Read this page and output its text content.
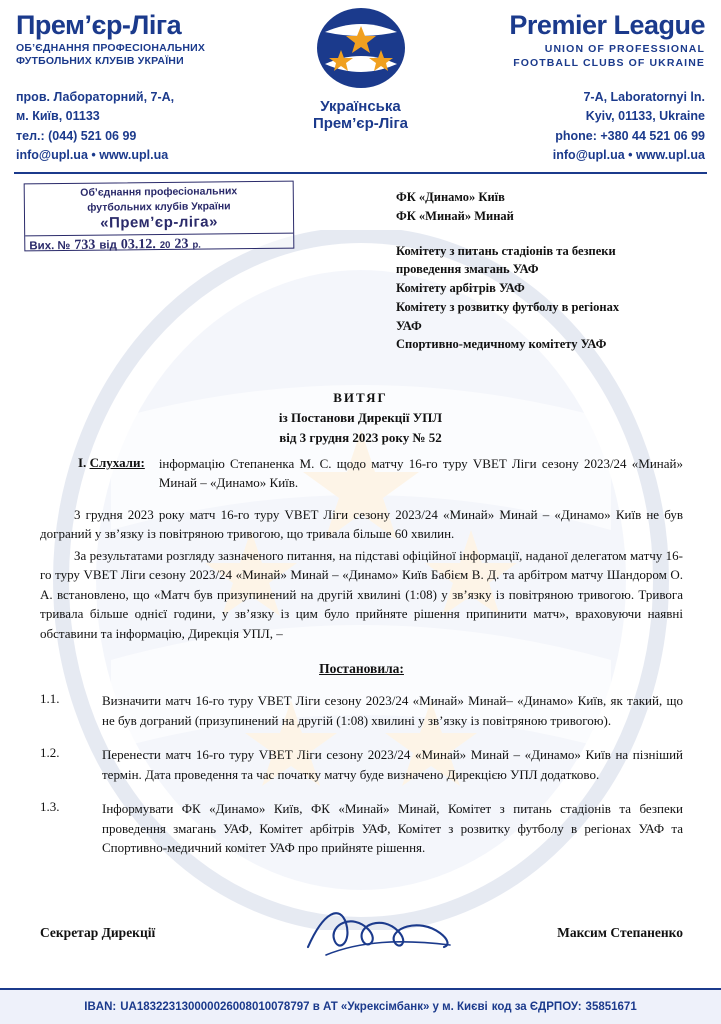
Прем’єр-Ліга
ОБ’ЄДНАННЯ ПРОФЕСІОНАЛЬНИХ
ФУТБОЛЬНИХ КЛУБІВ УКРАЇНИ
Premier League
UNION OF PROFESSIONAL
FOOTBALL CLUBS OF UKRAINE
Українська
Прем’єр-Ліга
пров. Лабораторний, 7-А,
м. Київ, 01133
тел.: (044) 521 06 99
info@upl.ua • www.upl.ua
7-A, Laboratornyi ln.
Kyiv, 01133, Ukraine
phone: +380 44 521 06 99
info@upl.ua • www.upl.ua
Об’єднання професіональних
футбольних клубів України
«Прем’єр-ліга»
Вих. № 733 від 03.12. 20 23 р.
ФК «Динамо» Київ
ФК «Минай» Минай
Комітету з питань стадіонів та безпеки
проведення змагань УАФ
Комітету арбітрів УАФ
Комітету з розвитку футболу в регіонах
УАФ
Спортивно-медичному комітету УАФ
ВИТЯГ
із Постанови Дирекції УПЛ
від 3 грудня 2023 року № 52
I. Слухали:	інформацію Степаненка М. С. щодо матчу 16-го туру VBET Ліги сезону 2023/24 «Минай» Минай – «Динамо» Київ.

3 грудня 2023 року матч 16-го туру VBET Ліги сезону 2023/24 «Минай» Минай – «Динамо» Київ не був дограний у зв’язку із повітряною тривогою, що тривала більше 60 хвилин.

За результатами розгляду зазначеного питання, на підставі офіційної інформації, наданої делегатом матчу 16-го туру VBET Ліги сезону 2023/24 «Минай» Минай – «Динамо» Київ Бабієм В. Д. та арбітром матчу Шандором О. А. встановлено, що «Матч був призупинений на другій хвилині (1:08) у зв’язку із повітряною тривогою. Тривога тривала більше однієї години, у зв’язку із цим було прийняте рішення припинити матч», враховуючи наявні обставини та інформацію, Дирекція УПЛ, –

Постановила:
1.1.	Визначити матч 16-го туру VBET Ліги сезону 2023/24 «Минай» Минай– «Динамо» Київ, як такий, що не був дограний (призупинений на другій (1:08) хвилині у зв’язку із повітряною тривогою).
1.2.	Перенести матч 16-го туру VBET Ліги сезону 2023/24 «Минай» Минай – «Динамо» Київ на пізніший термін. Дата проведення та час початку матчу буде визначено Дирекцією УПЛ додатково.
1.3.	Інформувати ФК «Динамо» Київ, ФК «Минай» Минай, Комітет з питань стадіонів та безпеки проведення змагань УАФ, Комітет арбітрів УАФ, Комітет з розвитку футболу в регіонах УАФ та Спортивно-медичний комітет УАФ про прийняте рішення.
Секретар Дирекції	Максим Степаненко
IBAN: UA183223130000026008010078797 в АТ «Укрексімбанк» у м. Києві код за ЄДРПОУ: 35851671
